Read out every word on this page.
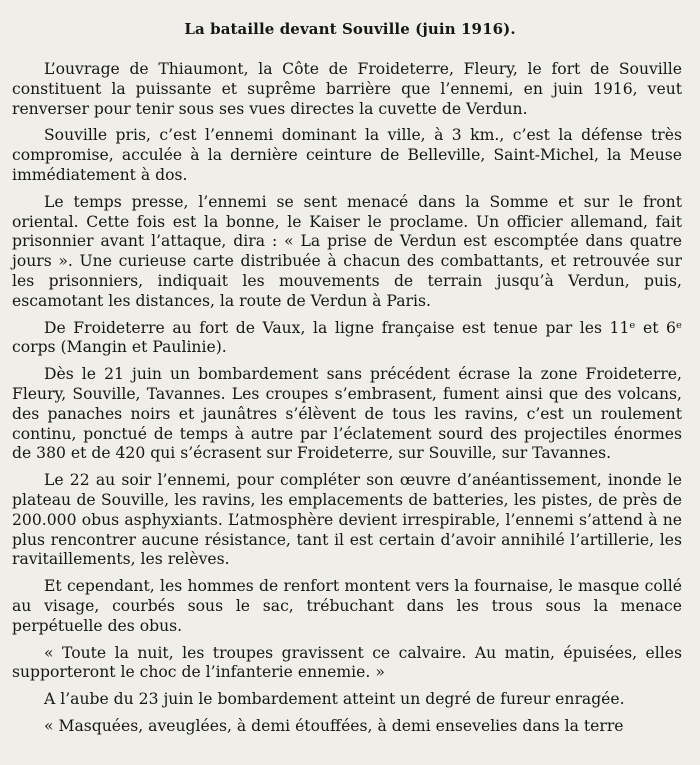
La bataille devant Souville (juin 1916).

L’ouvrage de Thiaumont, la Côte de Froideterre, Fleury, le fort de Souville constituent la puissante et suprême barrière que l’ennemi, en juin 1916, veut renverser pour tenir sous ses vues directes la cuvette de Verdun.

Souville pris, c’est l’ennemi dominant la ville, à 3 km., c’est la défense très compromise, acculée à la dernière ceinture de Belleville, Saint-Michel, la Meuse immédiatement à dos.

Le temps presse, l’ennemi se sent menacé dans la Somme et sur le front oriental. Cette fois est la bonne, le Kaiser le proclame. Un officier allemand, fait prisonnier avant l’attaque, dira : « La prise de Verdun est escomptée dans quatre jours ». Une curieuse carte distribuée à chacun des combattants, et retrouvée sur les prisonniers, indiquait les mouvements de terrain jusqu’à Verdun, puis, escamotant les distances, la route de Verdun à Paris.

De Froideterre au fort de Vaux, la ligne française est tenue par les 11ᵉ et 6ᵉ corps (Mangin et Paulinie).

Dès le 21 juin un bombardement sans précédent écrase la zone Froideterre, Fleury, Souville, Tavannes. Les croupes s’embrasent, fument ainsi que des volcans, des panaches noirs et jaunâtres s’élèvent de tous les ravins, c’est un roulement continu, ponctué de temps à autre par l’éclatement sourd des projectiles énormes de 380 et de 420 qui s’écrasent sur Froideterre, sur Souville, sur Tavannes.

Le 22 au soir l’ennemi, pour compléter son œuvre d’anéantissement, inonde le plateau de Souville, les ravins, les emplacements de batteries, les pistes, de près de 200.000 obus asphyxiants. L’atmosphère devient irrespirable, l’ennemi s’attend à ne plus rencontrer aucune résistance, tant il est certain d’avoir annihilé l’artillerie, les ravitaillements, les relèves.

Et cependant, les hommes de renfort montent vers la fournaise, le masque collé au visage, courbés sous le sac, trébuchant dans les trous sous la menace perpétuelle des obus.

« Toute la nuit, les troupes gravissent ce calvaire. Au matin, épuisées, elles supporteront le choc de l’infanterie ennemie. »

A l’aube du 23 juin le bombardement atteint un degré de fureur enragée.

« Masquées, aveuglées, à demi étouffées, à demi ensevelies dans la terre
